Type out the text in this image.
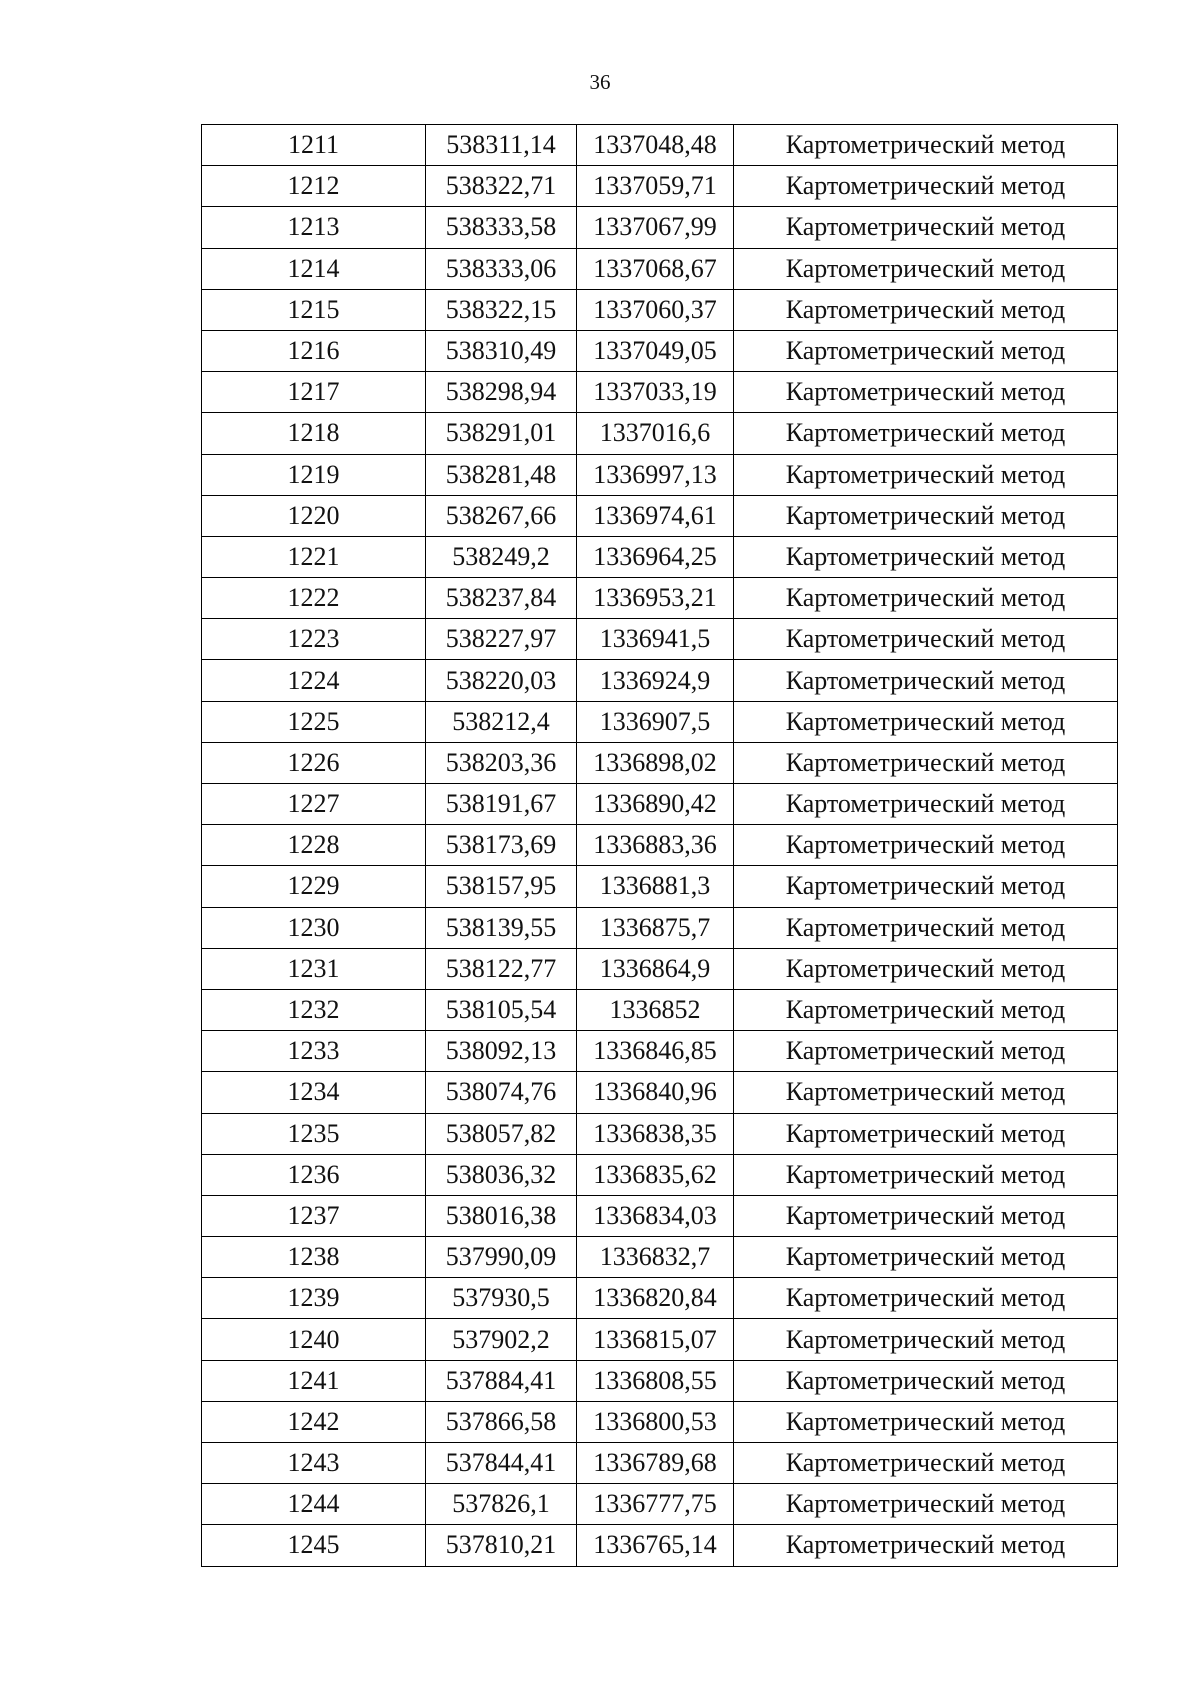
36
1211	538311,14	1337048,48	Картометрический метод
1212	538322,71	1337059,71	Картометрический метод
1213	538333,58	1337067,99	Картометрический метод
1214	538333,06	1337068,67	Картометрический метод
1215	538322,15	1337060,37	Картометрический метод
1216	538310,49	1337049,05	Картометрический метод
1217	538298,94	1337033,19	Картометрический метод
1218	538291,01	1337016,6	Картометрический метод
1219	538281,48	1336997,13	Картометрический метод
1220	538267,66	1336974,61	Картометрический метод
1221	538249,2	1336964,25	Картометрический метод
1222	538237,84	1336953,21	Картометрический метод
1223	538227,97	1336941,5	Картометрический метод
1224	538220,03	1336924,9	Картометрический метод
1225	538212,4	1336907,5	Картометрический метод
1226	538203,36	1336898,02	Картометрический метод
1227	538191,67	1336890,42	Картометрический метод
1228	538173,69	1336883,36	Картометрический метод
1229	538157,95	1336881,3	Картометрический метод
1230	538139,55	1336875,7	Картометрический метод
1231	538122,77	1336864,9	Картометрический метод
1232	538105,54	1336852	Картометрический метод
1233	538092,13	1336846,85	Картометрический метод
1234	538074,76	1336840,96	Картометрический метод
1235	538057,82	1336838,35	Картометрический метод
1236	538036,32	1336835,62	Картометрический метод
1237	538016,38	1336834,03	Картометрический метод
1238	537990,09	1336832,7	Картометрический метод
1239	537930,5	1336820,84	Картометрический метод
1240	537902,2	1336815,07	Картометрический метод
1241	537884,41	1336808,55	Картометрический метод
1242	537866,58	1336800,53	Картометрический метод
1243	537844,41	1336789,68	Картометрический метод
1244	537826,1	1336777,75	Картометрический метод
1245	537810,21	1336765,14	Картометрический метод
